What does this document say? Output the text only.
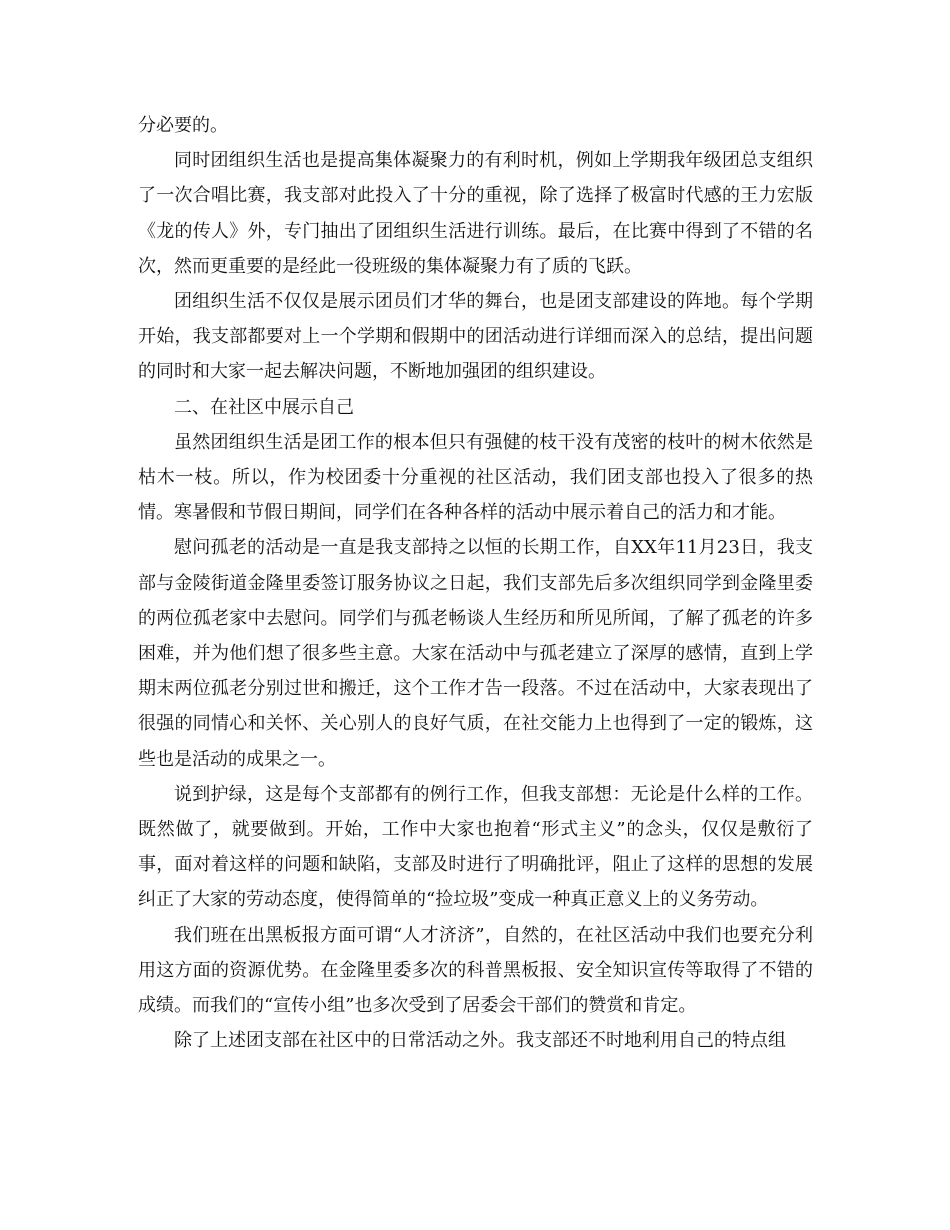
分必要的。

同时团组织生活也是提高集体凝聚力的有利时机，例如上学期我年级团总支组织了一次合唱比赛，我支部对此投入了十分的重视，除了选择了极富时代感的王力宏版《龙的传人》外，专门抽出了团组织生活进行训练。最后，在比赛中得到了不错的名次，然而更重要的是经此一役班级的集体凝聚力有了质的飞跃。

团组织生活不仅仅是展示团员们才华的舞台，也是团支部建设的阵地。每个学期开始，我支部都要对上一个学期和假期中的团活动进行详细而深入的总结，提出问题的同时和大家一起去解决问题，不断地加强团的组织建设。

二、在社区中展示自己

虽然团组织生活是团工作的根本但只有强健的枝干没有茂密的枝叶的树木依然是枯木一枝。所以，作为校团委十分重视的社区活动，我们团支部也投入了很多的热情。寒暑假和节假日期间，同学们在各种各样的活动中展示着自己的活力和才能。

慰问孤老的活动是一直是我支部持之以恒的长期工作，自XX年11月23日，我支部与金陵街道金隆里委签订服务协议之日起，我们支部先后多次组织同学到金隆里委的两位孤老家中去慰问。同学们与孤老畅谈人生经历和所见所闻，了解了孤老的许多困难，并为他们想了很多些主意。大家在活动中与孤老建立了深厚的感情，直到上学期末两位孤老分别过世和搬迁，这个工作才告一段落。不过在活动中，大家表现出了很强的同情心和关怀、关心别人的良好气质，在社交能力上也得到了一定的锻炼，这些也是活动的成果之一。

说到护绿，这是每个支部都有的例行工作，但我支部想：无论是什么样的工作。既然做了，就要做到。开始，工作中大家也抱着“形式主义”的念头，仅仅是敷衍了事，面对着这样的问题和缺陷，支部及时进行了明确批评，阻止了这样的思想的发展纠正了大家的劳动态度，使得简单的“捡垃圾”变成一种真正意义上的义务劳动。

我们班在出黑板报方面可谓“人才济济”，自然的，在社区活动中我们也要充分利用这方面的资源优势。在金隆里委多次的科普黑板报、安全知识宣传等取得了不错的成绩。而我们的“宣传小组”也多次受到了居委会干部们的赞赏和肯定。

除了上述团支部在社区中的日常活动之外。我支部还不时地利用自己的特点组
